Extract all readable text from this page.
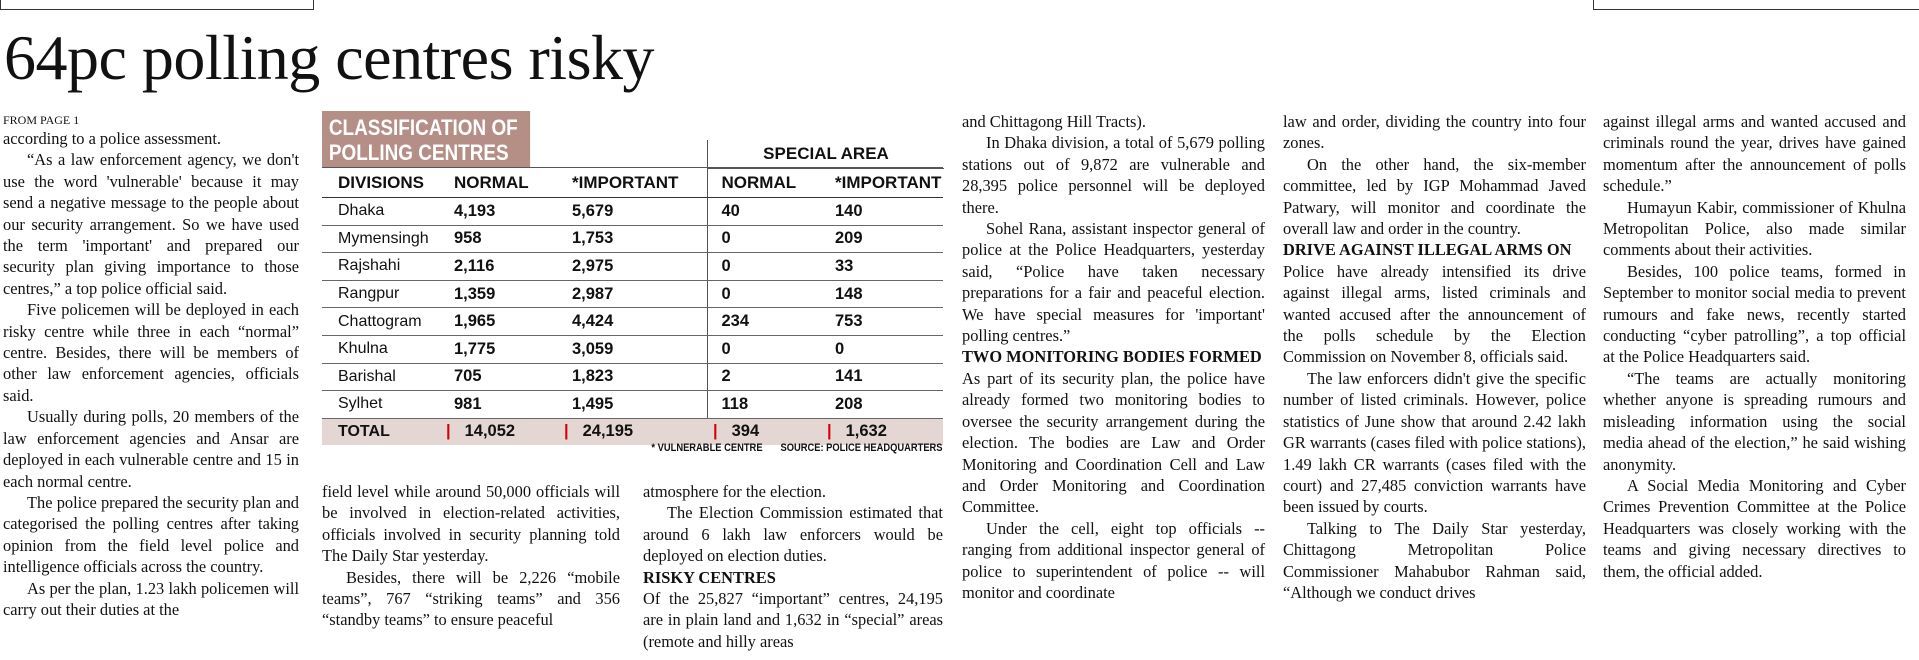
64pc polling centres risky

FROM PAGE 1

according to a police assessment.

“As a law enforcement agency, we don't use the word 'vulnerable' because it may send a negative message to the people about our security arrangement. So we have used the term 'important' and prepared our security plan giving importance to those centres,” a top police official said.

Five policemen will be deployed in each risky centre while three in each “normal” centre. Besides, there will be members of other law enforcement agencies, officials said.

Usually during polls, 20 members of the law enforcement agencies and Ansar are deployed in each vulnerable centre and 15 in each normal centre.

The police prepared the security plan and categorised the polling centres after taking opinion from the field level police and intelligence officials across the country.

As per the plan, 1.23 lakh policemen will carry out their duties at the

CLASSIFICATION OF
POLLING CENTRES	SPECIAL AREA
DIVISIONS	NORMAL	*IMPORTANT	NORMAL	*IMPORTANT
Dhaka	4,193	5,679	40	140
Mymensingh	958	1,753	0	209
Rajshahi	2,116	2,975	0	33
Rangpur	1,359	2,987	0	148
Chattogram	1,965	4,424	234	753
Khulna	1,775	3,059	0	0
Barishal	705	1,823	2	141
Sylhet	981	1,495	118	208
TOTAL	| 14,052	| 24,195	| 394	| 1,632
* VULNERABLE CENTRE SOURCE: POLICE HEADQUARTERS

field level while around 50,000 officials will be involved in election-related activities, officials involved in security planning told The Daily Star yesterday.

Besides, there will be 2,226 “mobile teams”, 767 “striking teams” and 356 “standby teams” to ensure peaceful

atmosphere for the election.

The Election Commission estimated that around 6 lakh law enforcers would be deployed on election duties.

RISKY CENTRES

Of the 25,827 “important” centres, 24,195 are in plain land and 1,632 in “special” areas (remote and hilly areas

and Chittagong Hill Tracts).

In Dhaka division, a total of 5,679 polling stations out of 9,872 are vulnerable and 28,395 police personnel will be deployed there.

Sohel Rana, assistant inspector general of police at the Police Headquarters, yesterday said, “Police have taken necessary preparations for a fair and peaceful election. We have special measures for 'important' polling centres.”

TWO MONITORING BODIES FORMED

As part of its security plan, the police have already formed two monitoring bodies to oversee the security arrangement during the election. The bodies are Law and Order Monitoring and Coordination Cell and Law and Order Monitoring and Coordination Committee.

Under the cell, eight top officials -- ranging from additional inspector general of police to superintendent of police -- will monitor and coordinate

law and order, dividing the country into four zones.

On the other hand, the six-member committee, led by IGP Mohammad Javed Patwary, will monitor and coordinate the overall law and order in the country.

DRIVE AGAINST ILLEGAL ARMS ON

Police have already intensified its drive against illegal arms, listed criminals and wanted accused after the announcement of the polls schedule by the Election Commission on November 8, officials said.

The law enforcers didn't give the specific number of listed criminals. However, police statistics of June show that around 2.42 lakh GR warrants (cases filed with police stations), 1.49 lakh CR warrants (cases filed with the court) and 27,485 conviction warrants have been issued by courts.

Talking to The Daily Star yesterday, Chittagong Metropolitan Police Commissioner Mahabubor Rahman said, “Although we conduct drives

against illegal arms and wanted accused and criminals round the year, drives have gained momentum after the announcement of polls schedule.”

Humayun Kabir, commissioner of Khulna Metropolitan Police, also made similar comments about their activities.

Besides, 100 police teams, formed in September to monitor social media to prevent rumours and fake news, recently started conducting “cyber patrolling”, a top official at the Police Headquarters said.

“The teams are actually monitoring whether anyone is spreading rumours and misleading information using the social media ahead of the election,” he said wishing anonymity.

A Social Media Monitoring and Cyber Crimes Prevention Committee at the Police Headquarters was closely working with the teams and giving necessary directives to them, the official added.
